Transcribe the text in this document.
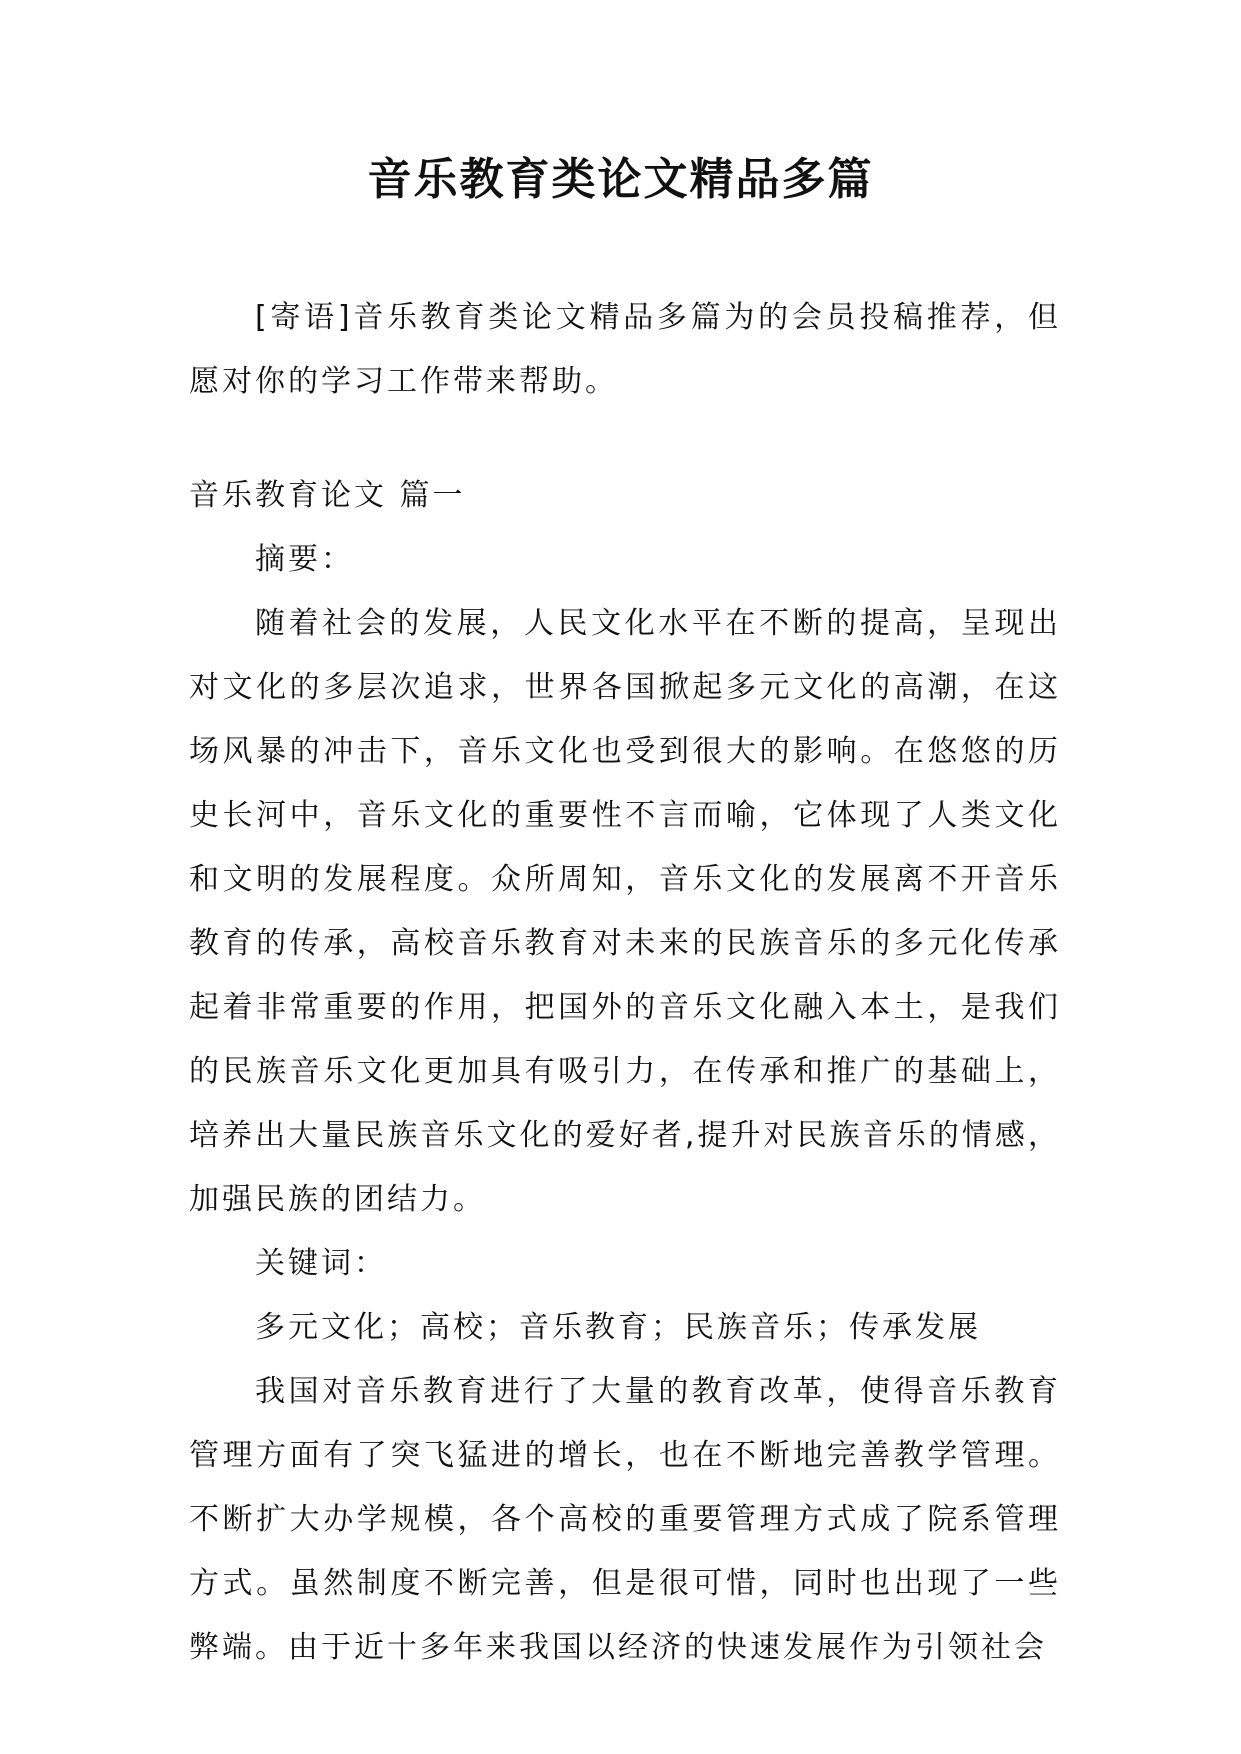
音乐教育类论文精品多篇

[寄语]音乐教育类论文精品多篇为的会员投稿推荐，但愿对你的学习工作带来帮助。

音乐教育论文 篇一

摘要：

随着社会的发展，人民文化水平在不断的提高，呈现出对文化的多层次追求，世界各国掀起多元文化的高潮，在这场风暴的冲击下，音乐文化也受到很大的影响。在悠悠的历史长河中，音乐文化的重要性不言而喻，它体现了人类文化和文明的发展程度。众所周知，音乐文化的发展离不开音乐教育的传承，高校音乐教育对未来的民族音乐的多元化传承起着非常重要的作用，把国外的音乐文化融入本土，是我们的民族音乐文化更加具有吸引力，在传承和推广的基础上，培养出大量民族音乐文化的爱好者,提升对民族音乐的情感，加强民族的团结力。

关键词：

多元文化；高校；音乐教育；民族音乐；传承发展

我国对音乐教育进行了大量的教育改革，使得音乐教育管理方面有了突飞猛进的增长，也在不断地完善教学管理。不断扩大办学规模，各个高校的重要管理方式成了院系管理方式。虽然制度不断完善，但是很可惜，同时也出现了一些弊端。由于近十多年来我国以经济的快速发展作为引领社会
